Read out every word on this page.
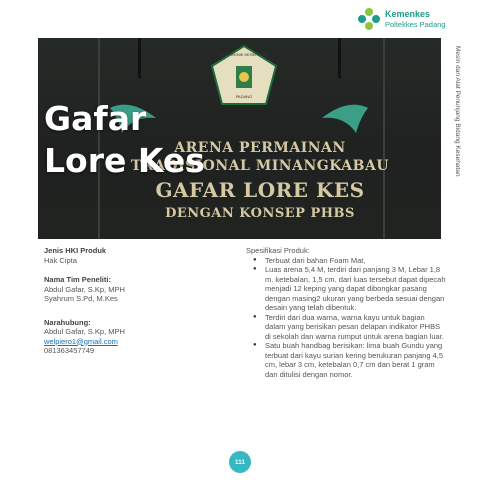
Kemenkes
Poltekkes Padang
POLITEKNIK KESEHATAN
PADANG
ARENA PERMAINAN
TRADISIONAL MINANGKABAU
GAFAR LORE KES
DENGAN KONSEP PHBS
Gafar
Lore Kes	Mesin dan Alat Penunjang Bidang Kesehatan
Jenis HKI Produk
Hak Cipta
Nama Tim Peneliti:
Abdul Gafar, S.Kp, MPH
Syahrum S.Pd, M.Kes
Narahubung:
Abdul Gafar, S.Kp, MPH
welpiero1@gmail.com
081363457749
Spesifikasi Produk:
● Terbuat dari bahan Foam Mat,
● Luas arena 5,4 M, terdiri dari panjang 3 M, Lebar 1,8 m. ketebalan, 1,5 cm. dari luas tersebut dapat dipecah menjadi 12 keping yang dapat dibongkar pasang dengan masing2 ukuran yang berbeda sesuai dengan desain yang telah dibentuk.
● Terdiri dari dua warna, warna kayu untuk bagian dalam yang berisikan pesan delapan indikator PHBS di sekolah dan warna rumput untuk arena bagian luar.
● Satu buah handbag berisikan: lima buah Gundu yang terbuat dari kayu surian kering berukuran panjang 4,5 cm, lebar 3 cm, ketebalan 0,7 cm dan berat 1 gram dan ditulisi dengan nomor.
111
